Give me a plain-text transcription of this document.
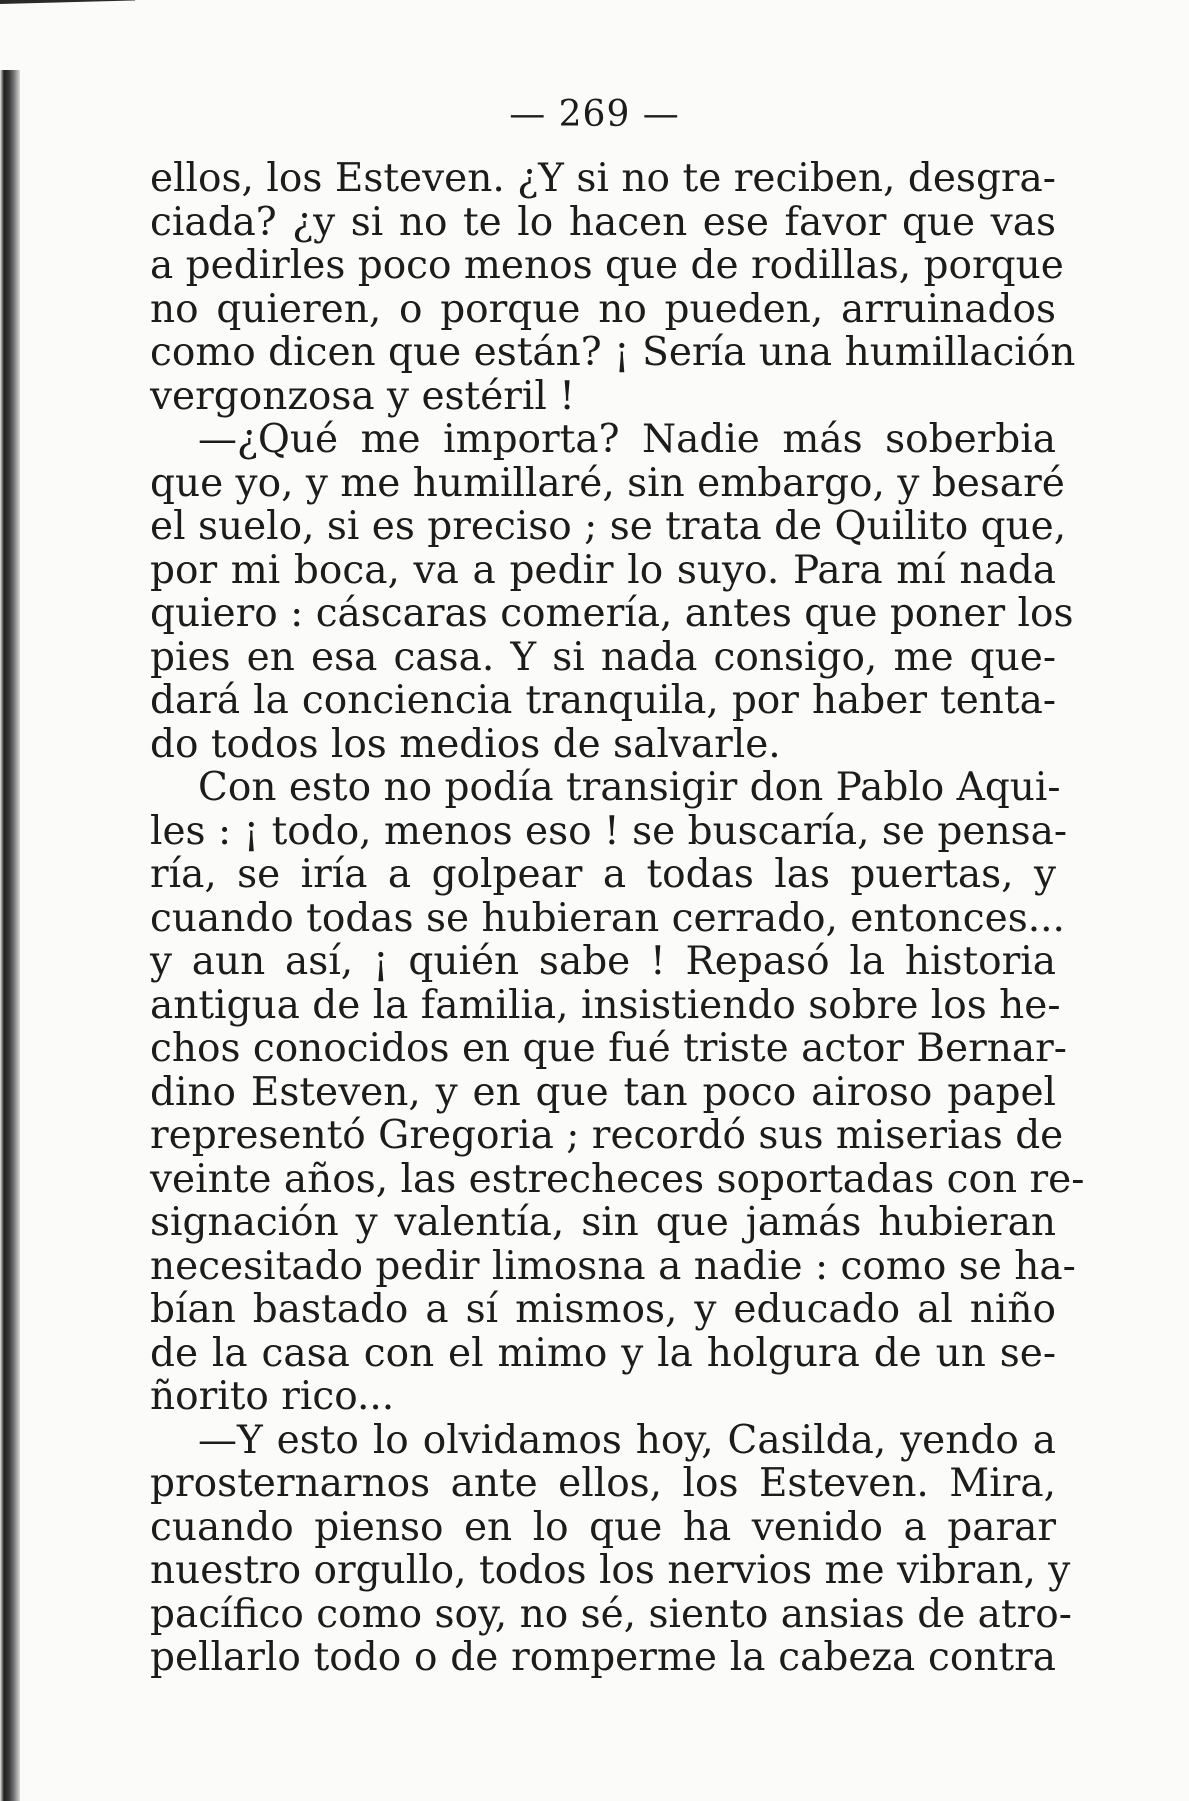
— 269 —
ellos, los Esteven. ¿Y si no te reciben, desgra-
ciada? ¿y si no te lo hacen ese favor que vas
a pedirles poco menos que de rodillas, porque
no quieren, o porque no pueden, arruinados
como dicen que están? ¡ Sería una humillación
vergonzosa y estéril !
—¿Qué me importa? Nadie más soberbia
que yo, y me humillaré, sin embargo, y besaré
el suelo, si es preciso ; se trata de Quilito que,
por mi boca, va a pedir lo suyo. Para mí nada
quiero : cáscaras comería, antes que poner los
pies en esa casa. Y si nada consigo, me que-
dará la conciencia tranquila, por haber tenta-
do todos los medios de salvarle.
Con esto no podía transigir don Pablo Aqui-
les : ¡ todo, menos eso ! se buscaría, se pensa-
ría, se iría a golpear a todas las puertas, y
cuando todas se hubieran cerrado, entonces...
y aun así, ¡ quién sabe ! Repasó la historia
antigua de la familia, insistiendo sobre los he-
chos conocidos en que fué triste actor Bernar-
dino Esteven, y en que tan poco airoso papel
representó Gregoria ; recordó sus miserias de
veinte años, las estrecheces soportadas con re-
signación y valentía, sin que jamás hubieran
necesitado pedir limosna a nadie : como se ha-
bían bastado a sí mismos, y educado al niño
de la casa con el mimo y la holgura de un se-
ñorito rico...
—Y esto lo olvidamos hoy, Casilda, yendo a
prosternarnos ante ellos, los Esteven. Mira,
cuando pienso en lo que ha venido a parar
nuestro orgullo, todos los nervios me vibran, y
pacífico como soy, no sé, siento ansias de atro-
pellarlo todo o de romperme la cabeza contra
